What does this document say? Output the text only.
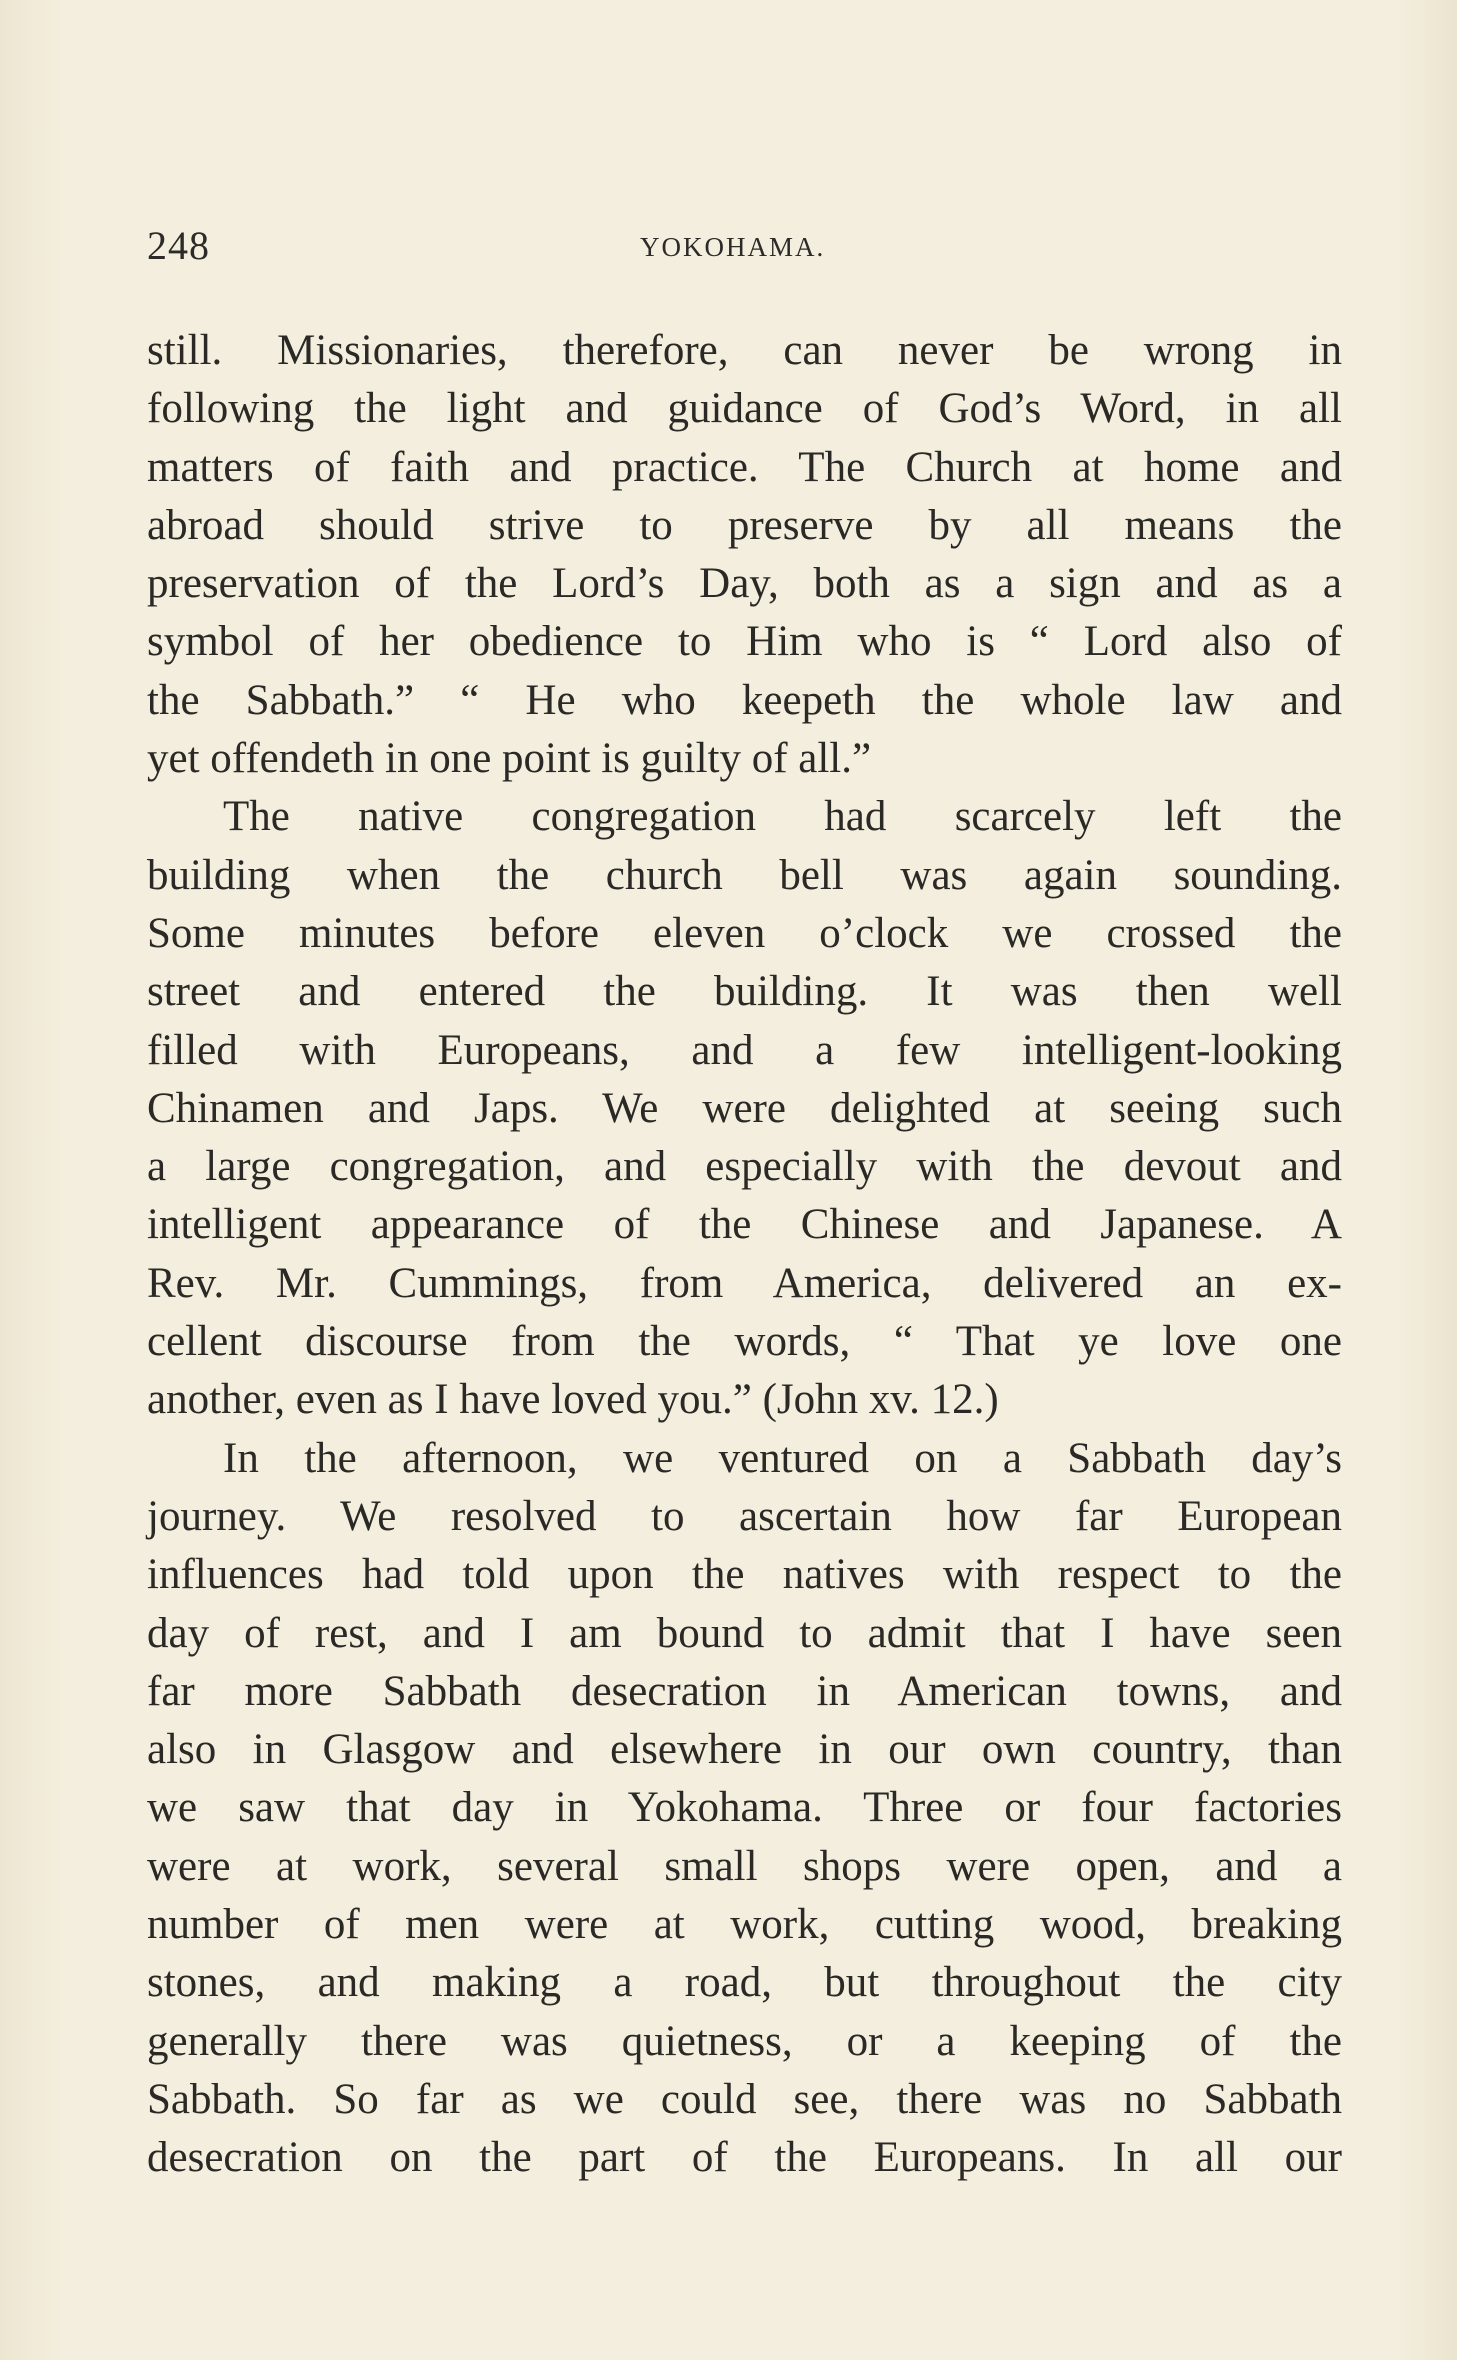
248	YOKOHAMA.
still. Missionaries, therefore, can never be wrong in
following the light and guidance of God’s Word, in all
matters of faith and practice. The Church at home and
abroad should strive to preserve by all means the
preservation of the Lord’s Day, both as a sign and as a
symbol of her obedience to Him who is “ Lord also of
the Sabbath.” “ He who keepeth the whole law and
yet offendeth in one point is guilty of all.”
The native congregation had scarcely left the
building when the church bell was again sounding.
Some minutes before eleven o’clock we crossed the
street and entered the building. It was then well
filled with Europeans, and a few intelligent-looking
Chinamen and Japs. We were delighted at seeing such
a large congregation, and especially with the devout and
intelligent appearance of the Chinese and Japanese. A
Rev. Mr. Cummings, from America, delivered an ex-
cellent discourse from the words, “ That ye love one
another, even as I have loved you.” (John xv. 12.)
In the afternoon, we ventured on a Sabbath day’s
journey. We resolved to ascertain how far European
influences had told upon the natives with respect to the
day of rest, and I am bound to admit that I have seen
far more Sabbath desecration in American towns, and
also in Glasgow and elsewhere in our own country, than
we saw that day in Yokohama. Three or four factories
were at work, several small shops were open, and a
number of men were at work, cutting wood, breaking
stones, and making a road, but throughout the city
generally there was quietness, or a keeping of the
Sabbath. So far as we could see, there was no Sabbath
desecration on the part of the Europeans. In all our
